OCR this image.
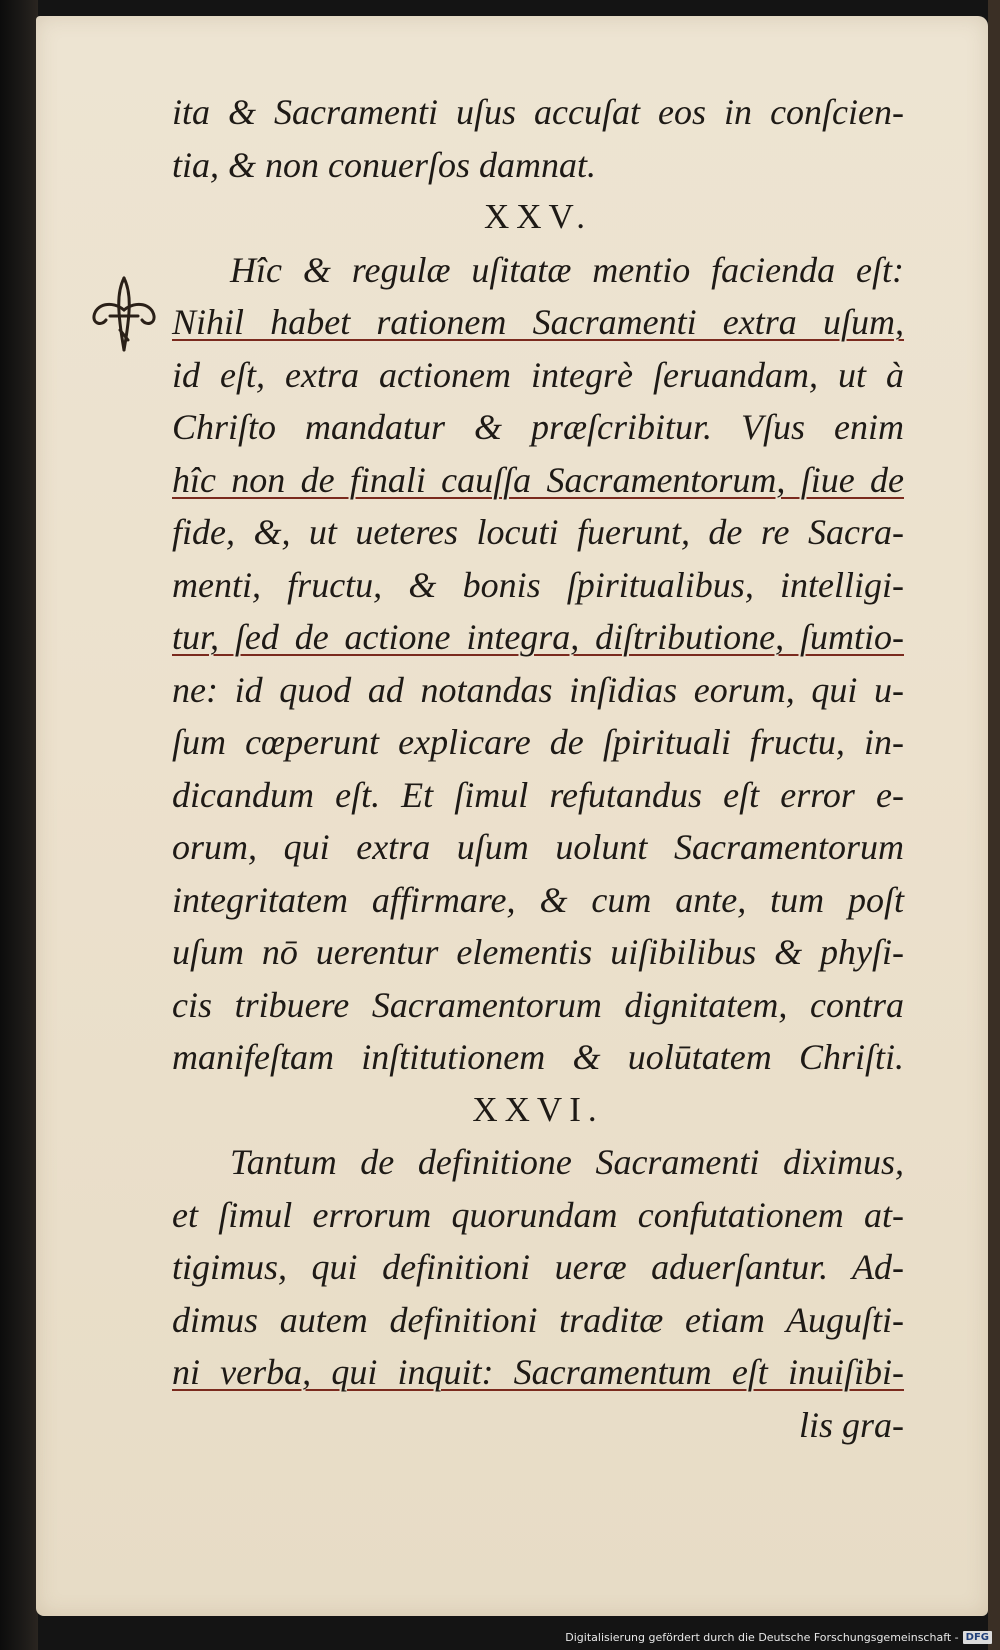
ita & Sacramenti uſus accuſat eos in conſcien-
tia, & non conuerſos damnat.
XXV.
Hîc & regulæ uſitatæ mentio facienda eſt:
Nihil habet rationem Sacramenti extra uſum,
id eſt, extra actionem integrè ſeruandam, ut à
Chriſto mandatur & præſcribitur. Vſus enim
hîc non de finali cauſſa Sacramentorum, ſiue de
fide, &, ut ueteres locuti fuerunt, de re Sacra-
menti, fructu, & bonis ſpiritualibus, intelligi-
tur, ſed de actione integra, diſtributione, ſumtio-
ne: id quod ad notandas inſidias eorum, qui u-
ſum cœperunt explicare de ſpirituali fructu, in-
dicandum eſt. Et ſimul refutandus eſt error e-
orum, qui extra uſum uolunt Sacramentorum
integritatem affirmare, & cum ante, tum poſt
uſum nō uerentur elementis uiſibilibus & phyſi-
cis tribuere Sacramentorum dignitatem, contra
manifeſtam inſtitutionem & uolūtatem Chriſti.
XXVI.
Tantum de definitione Sacramenti diximus,
et ſimul errorum quorundam confutationem at-
tigimus, qui definitioni ueræ aduerſantur. Ad-
dimus autem definitioni traditæ etiam Auguſti-
ni verba, qui inquit: Sacramentum eſt inuiſibi-
lis gra-
Digitalisierung gefördert durch die Deutsche Forschungsgemeinschaft - DFG
